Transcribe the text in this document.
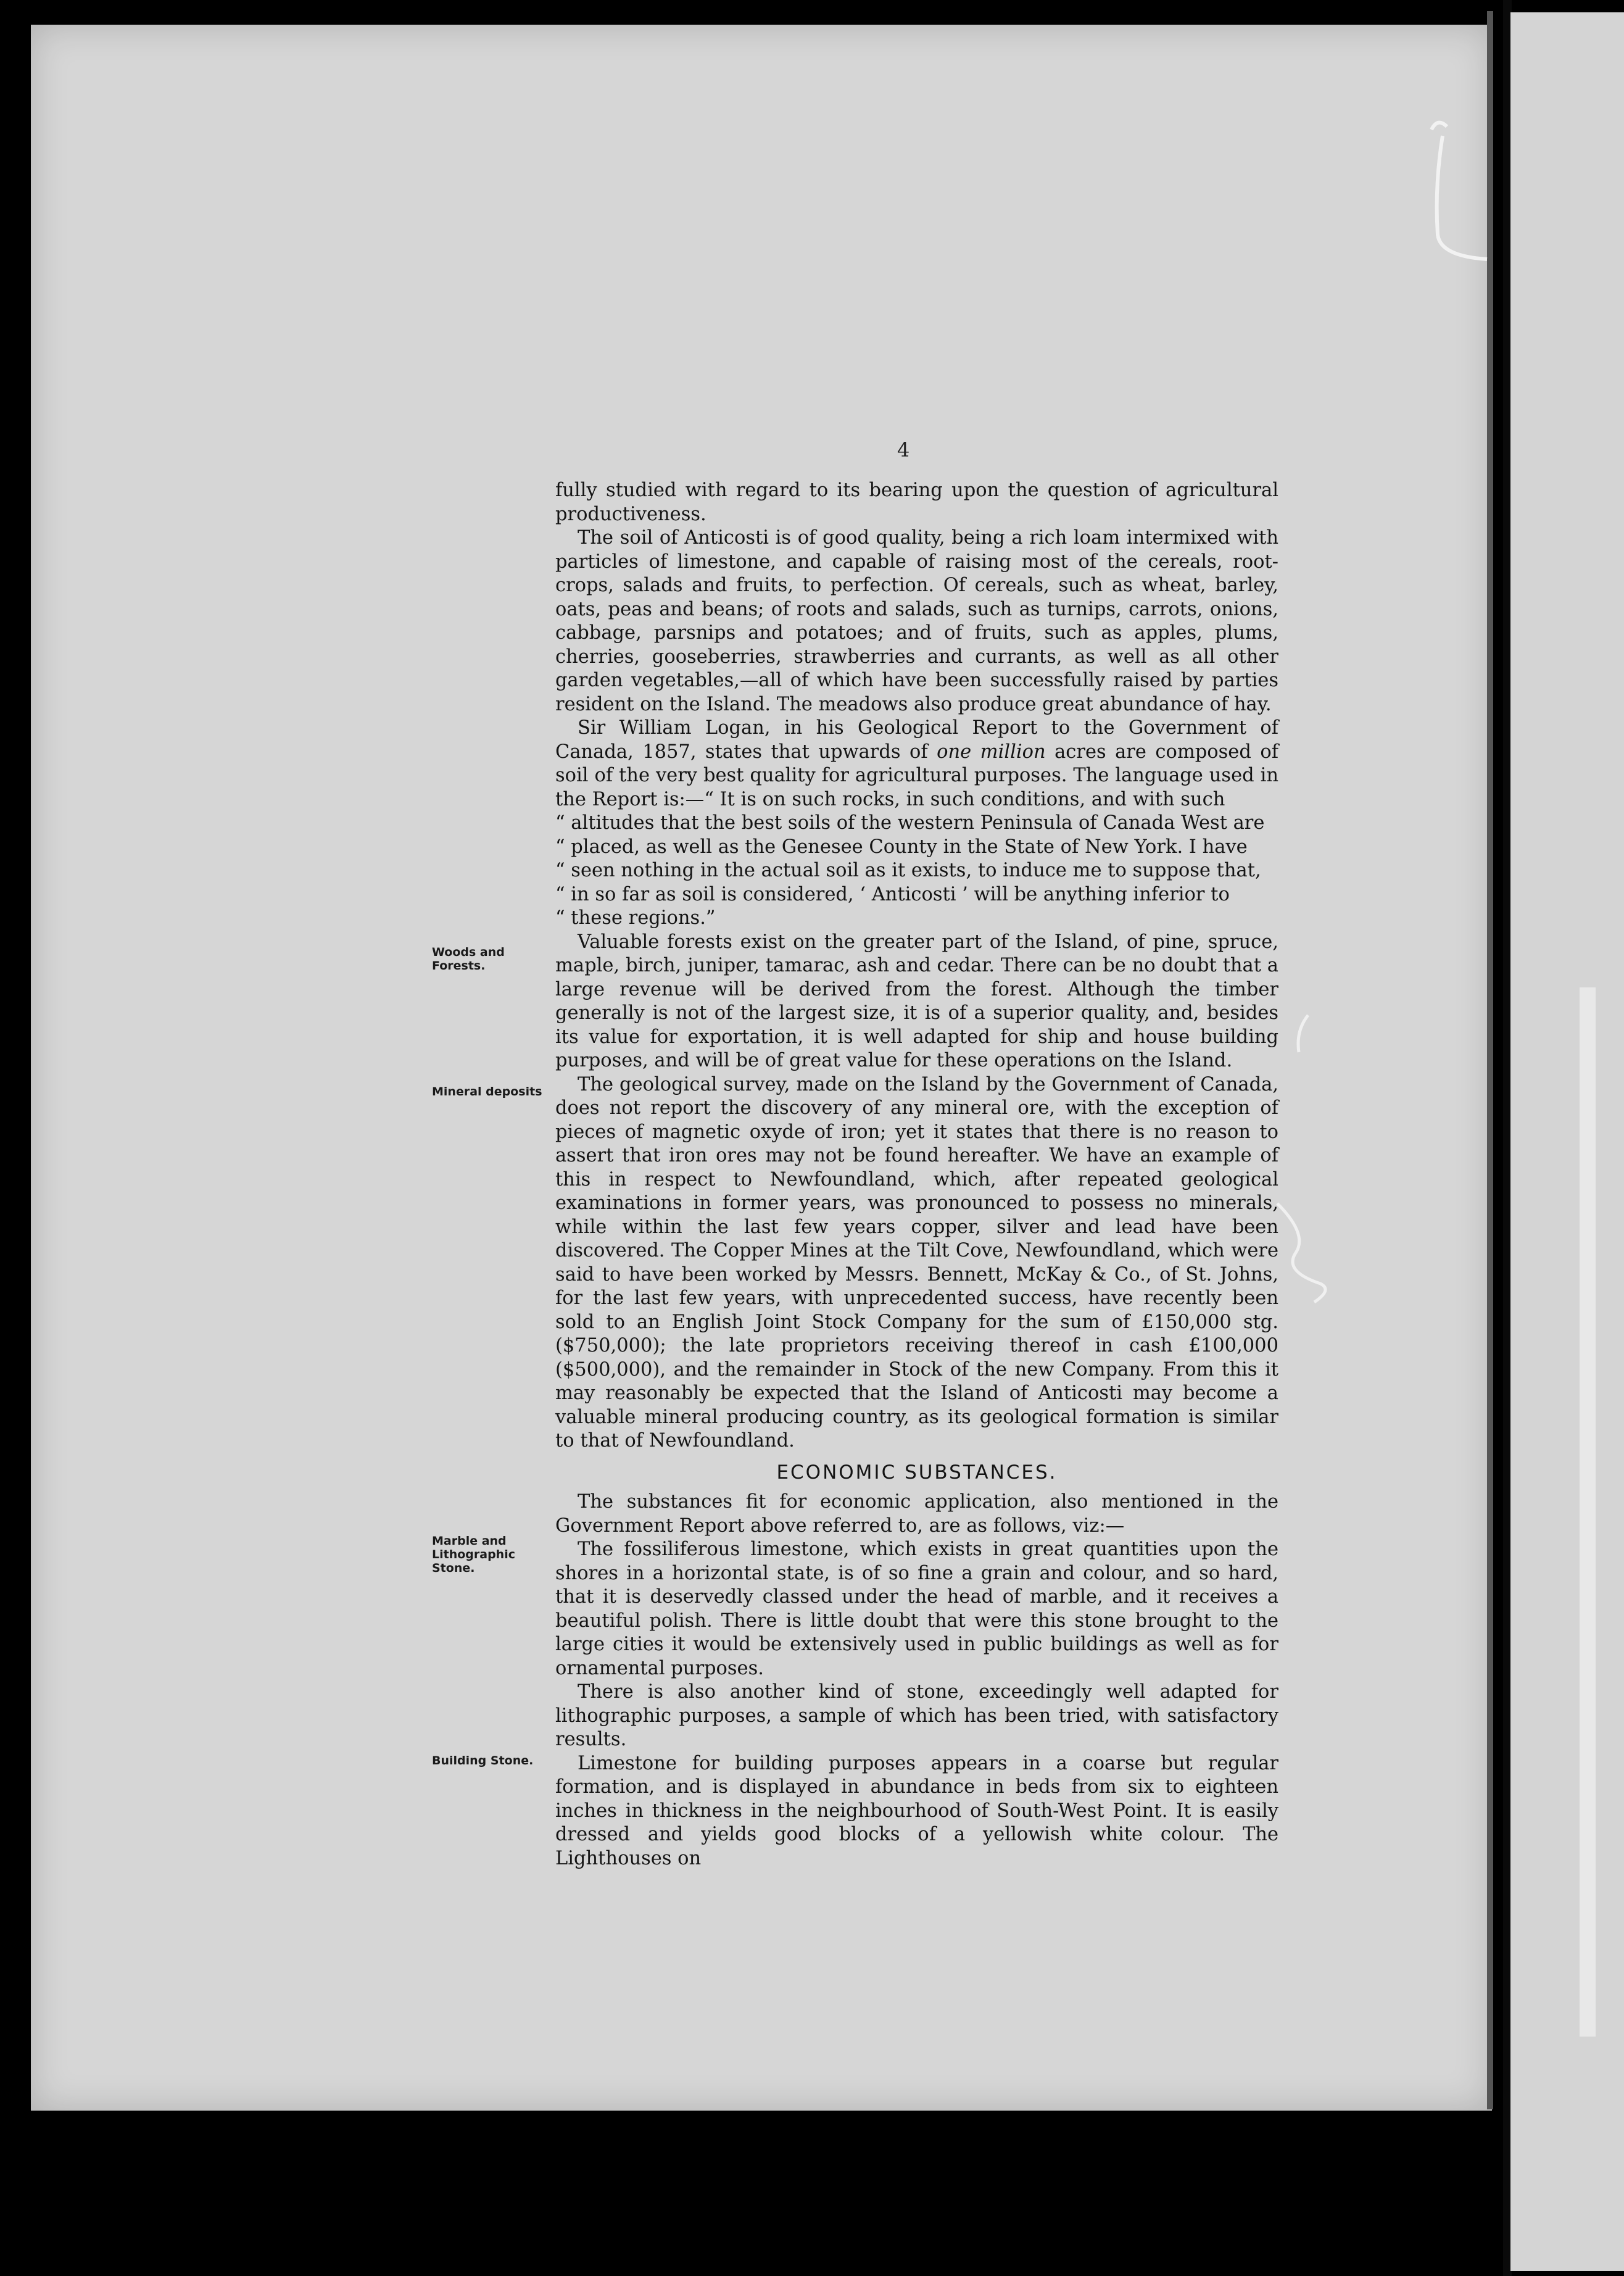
4
Woods and Forests.
Mineral deposits
Marble and Lithographic Stone.
Building Stone.

fully studied with regard to its bearing upon the question of agricultural productiveness.

The soil of Anticosti is of good quality, being a rich loam intermixed with particles of limestone, and capable of raising most of the cereals, root-crops, salads and fruits, to perfection. Of cereals, such as wheat, barley, oats, peas and beans; of roots and salads, such as turnips, carrots, onions, cabbage, parsnips and potatoes; and of fruits, such as apples, plums, cherries, gooseberries, strawberries and currants, as well as all other garden vegetables,—all of which have been successfully raised by parties resident on the Island. The meadows also produce great abundance of hay.

Sir William Logan, in his Geological Report to the Government of Canada, 1857, states that upwards of one million acres are composed of soil of the very best quality for agricultural purposes. The language used in the Report is:—“ It is on such rocks, in such conditions, and with such

“ altitudes that the best soils of the western Peninsula of Canada West are

“ placed, as well as the Genesee County in the State of New York. I have

“ seen nothing in the actual soil as it exists, to induce me to suppose that,

“ in so far as soil is considered, ‘ Anticosti ’ will be anything inferior to

“ these regions.”

Valuable forests exist on the greater part of the Island, of pine, spruce, maple, birch, juniper, tamarac, ash and cedar. There can be no doubt that a large revenue will be derived from the forest. Although the timber generally is not of the largest size, it is of a superior quality, and, besides its value for exportation, it is well adapted for ship and house building purposes, and will be of great value for these operations on the Island.

The geological survey, made on the Island by the Government of Canada, does not report the discovery of any mineral ore, with the exception of pieces of magnetic oxyde of iron; yet it states that there is no reason to assert that iron ores may not be found hereafter. We have an example of this in respect to Newfoundland, which, after repeated geological examinations in former years, was pronounced to possess no minerals, while within the last few years copper, silver and lead have been discovered. The Copper Mines at the Tilt Cove, Newfoundland, which were said to have been worked by Messrs. Bennett, McKay & Co., of St. Johns, for the last few years, with unprecedented success, have recently been sold to an English Joint Stock Company for the sum of £150,000 stg. ($750,000); the late proprietors receiving thereof in cash £100,000 ($500,000), and the remainder in Stock of the new Company. From this it may reasonably be expected that the Island of Anticosti may become a valuable mineral producing country, as its geological formation is similar to that of Newfoundland.

ECONOMIC SUBSTANCES.

The substances fit for economic application, also mentioned in the Government Report above referred to, are as follows, viz:—

The fossiliferous limestone, which exists in great quantities upon the shores in a horizontal state, is of so fine a grain and colour, and so hard, that it is deservedly classed under the head of marble, and it receives a beautiful polish. There is little doubt that were this stone brought to the large cities it would be extensively used in public buildings as well as for ornamental purposes.

There is also another kind of stone, exceedingly well adapted for lithographic purposes, a sample of which has been tried, with satisfactory results.

Limestone for building purposes appears in a coarse but regular formation, and is displayed in abundance in beds from six to eighteen inches in thickness in the neighbourhood of South-West Point. It is easily dressed and yields good blocks of a yellowish white colour. The Lighthouses on
